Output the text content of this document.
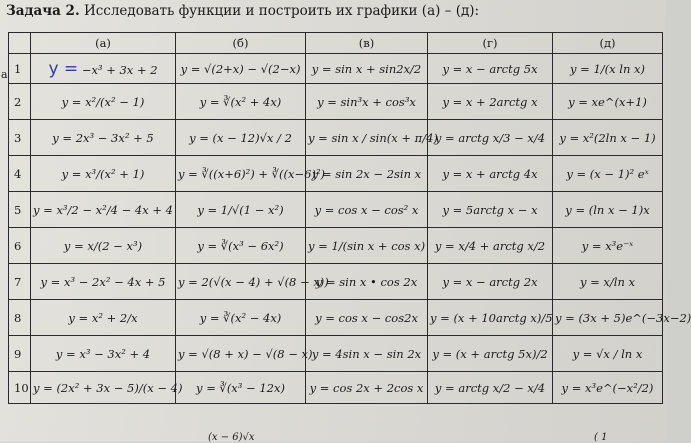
Задача 2. Исследовать функции и построить их графики (а) – (д):
a
	(а)	(б)	(в)	(г)	(д)
1	y = −x³ + 3x + 2	y = √(2+x) − √(2−x)	y = sin x + sin2x/2	y = x − arctg 5x	y = 1/(x ln x)
2	y = x²/(x² − 1)	y = ∛(x² + 4x)	y = sin³x + cos³x	y = x + 2arctg x	y = xe^(x+1)
3	y = 2x³ − 3x² + 5	y = (x − 12)√x / 2	y = sin x / sin(x + π/4)	y = arctg x/3 − x/4	y = x²(2ln x − 1)
4	y = x³/(x² + 1)	y = ∛((x+6)²) + ∛((x−6)²)	y = sin 2x − 2sin x	y = x + arctg 4x	y = (x − 1)² eˣ
5	y = x³/2 − x²/4 − 4x + 4	y = 1/√(1 − x²)	y = cos x − cos² x	y = 5arctg x − x	y = (ln x − 1)x
6	y = x/(2 − x³)	y = ∛(x³ − 6x²)	y = 1/(sin x + cos x)	y = x/4 + arctg x/2	y = x³e⁻ˣ
7	y = x³ − 2x² − 4x + 5	y = 2(√(x − 4) + √(8 − x))	y = sin x • cos 2x	y = x − arctg 2x	y = x/ln x
8	y = x² + 2/x	y = ∛(x² − 4x)	y = cos x − cos2x	y = (x + 10arctg x)/5	y = (3x + 5)e^(−3x−2)
9	y = x³ − 3x² + 4	y = √(8 + x) − √(8 − x)	y = 4sin x − sin 2x	y = (x + arctg 5x)/2	y = √x / ln x
10	y = (2x² + 3x − 5)/(x − 4)	y = ∛(x³ − 12x)	y = cos 2x + 2cos x	y = arctg x/2 − x/4	y = x³e^(−x²/2)
(x − 6)√x	( 1
